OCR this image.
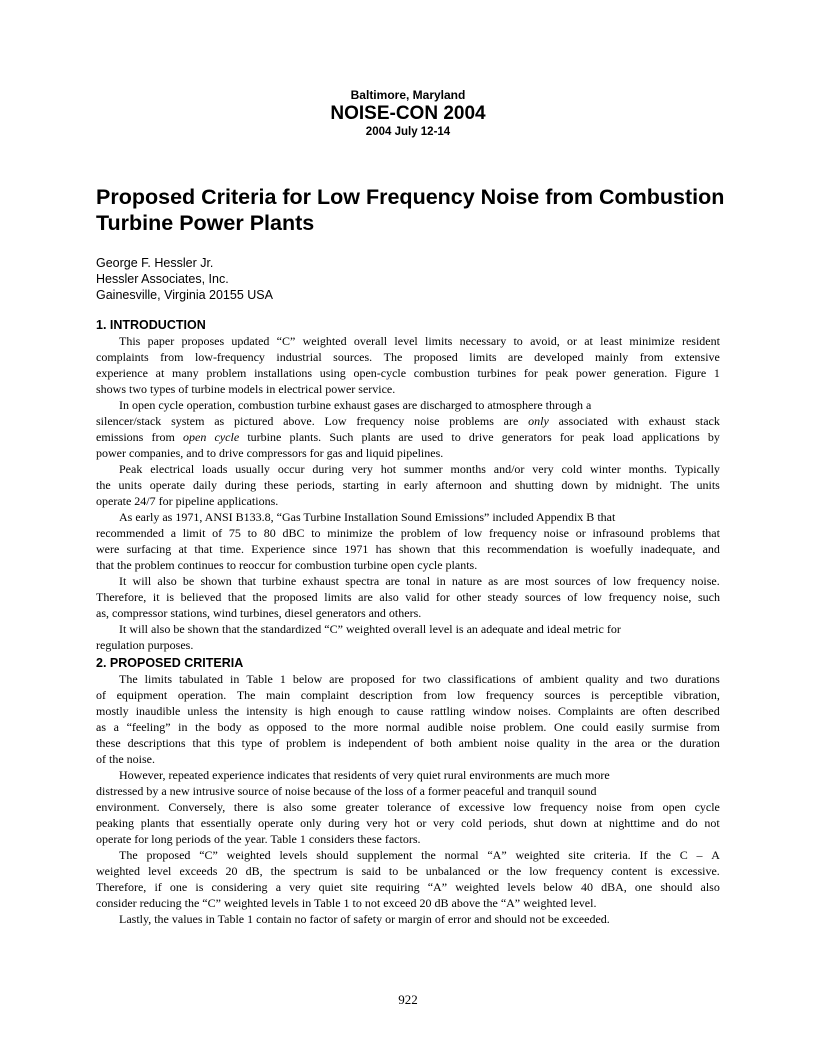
Baltimore, Maryland
NOISE-CON 2004
2004 July 12-14
Proposed Criteria for Low Frequency Noise from Combustion Turbine Power Plants
George F. Hessler Jr.
Hessler Associates, Inc.
Gainesville, Virginia 20155 USA
1. INTRODUCTION
This paper proposes updated “C” weighted overall level limits necessary to avoid, or at least minimize resident
complaints from low-frequency industrial sources. The proposed limits are developed mainly from extensive
experience at many problem installations using open-cycle combustion turbines for peak power generation. Figure 1
shows two types of turbine models in electrical power service.
In open cycle operation, combustion turbine exhaust gases are discharged to atmosphere through a
silencer/stack system as pictured above. Low frequency noise problems are only associated with exhaust stack
emissions from open cycle turbine plants. Such plants are used to drive generators for peak load applications by
power companies, and to drive compressors for gas and liquid pipelines.
Peak electrical loads usually occur during very hot summer months and/or very cold winter months. Typically
the units operate daily during these periods, starting in early afternoon and shutting down by midnight. The units
operate 24/7 for pipeline applications.
As early as 1971, ANSI B133.8, “Gas Turbine Installation Sound Emissions” included Appendix B that
recommended a limit of 75 to 80 dBC to minimize the problem of low frequency noise or infrasound problems that
were surfacing at that time. Experience since 1971 has shown that this recommendation is woefully inadequate, and
that the problem continues to reoccur for combustion turbine open cycle plants.
It will also be shown that turbine exhaust spectra are tonal in nature as are most sources of low frequency noise.
Therefore, it is believed that the proposed limits are also valid for other steady sources of low frequency noise, such
as, compressor stations, wind turbines, diesel generators and others.
It will also be shown that the standardized “C” weighted overall level is an adequate and ideal metric for
regulation purposes.
2. PROPOSED CRITERIA
The limits tabulated in Table 1 below are proposed for two classifications of ambient quality and two durations
of equipment operation. The main complaint description from low frequency sources is perceptible vibration,
mostly inaudible unless the intensity is high enough to cause rattling window noises. Complaints are often described
as a “feeling” in the body as opposed to the more normal audible noise problem. One could easily surmise from
these descriptions that this type of problem is independent of both ambient noise quality in the area or the duration
of the noise.
However, repeated experience indicates that residents of very quiet rural environments are much more
distressed by a new intrusive source of noise because of the loss of a former peaceful and tranquil sound
environment. Conversely, there is also some greater tolerance of excessive low frequency noise from open cycle
peaking plants that essentially operate only during very hot or very cold periods, shut down at nighttime and do not
operate for long periods of the year. Table 1 considers these factors.
The proposed “C” weighted levels should supplement the normal “A” weighted site criteria. If the C – A
weighted level exceeds 20 dB, the spectrum is said to be unbalanced or the low frequency content is excessive.
Therefore, if one is considering a very quiet site requiring “A” weighted levels below 40 dBA, one should also
consider reducing the “C” weighted levels in Table 1 to not exceed 20 dB above the “A” weighted level.
Lastly, the values in Table 1 contain no factor of safety or margin of error and should not be exceeded.
922
